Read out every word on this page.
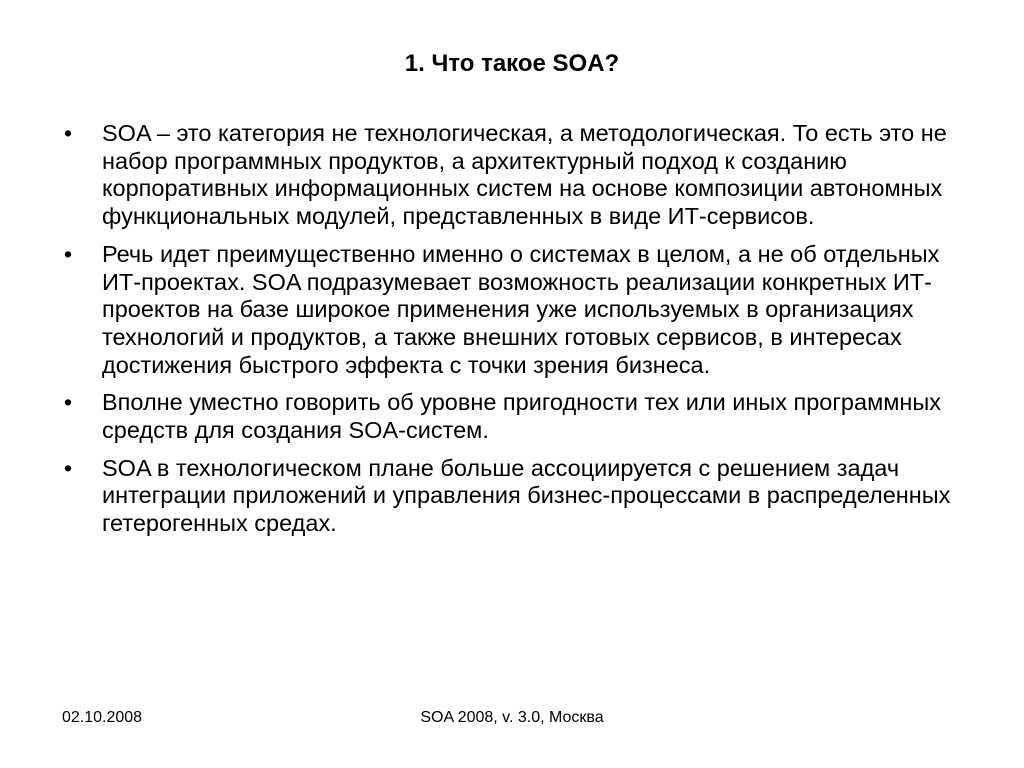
1. Что такое SOA?
• SOA – это категория не технологическая, а методологическая. То есть это не набор программных продуктов, а архитектурный подход к созданию корпоративных информационных систем на основе композиции автономных функциональных модулей, представленных в виде ИТ-сервисов.
• Речь идет преимущественно именно о системах в целом, а не об отдельных ИТ-проектах. SOA подразумевает возможность реализации конкретных ИТ-проектов на базе широкое применения уже используемых в организациях технологий и продуктов, а также внешних готовых сервисов, в интересах достижения быстрого эффекта с точки зрения бизнеса.
• Вполне уместно говорить об уровне пригодности тех или иных программных средств для создания SOA-систем.
• SOA в технологическом плане больше ассоциируется с решением задач интеграции приложений и управления бизнес-процессами в распределенных гетерогенных средах.
02.10.2008	SOA 2008, v. 3.0, Москва
